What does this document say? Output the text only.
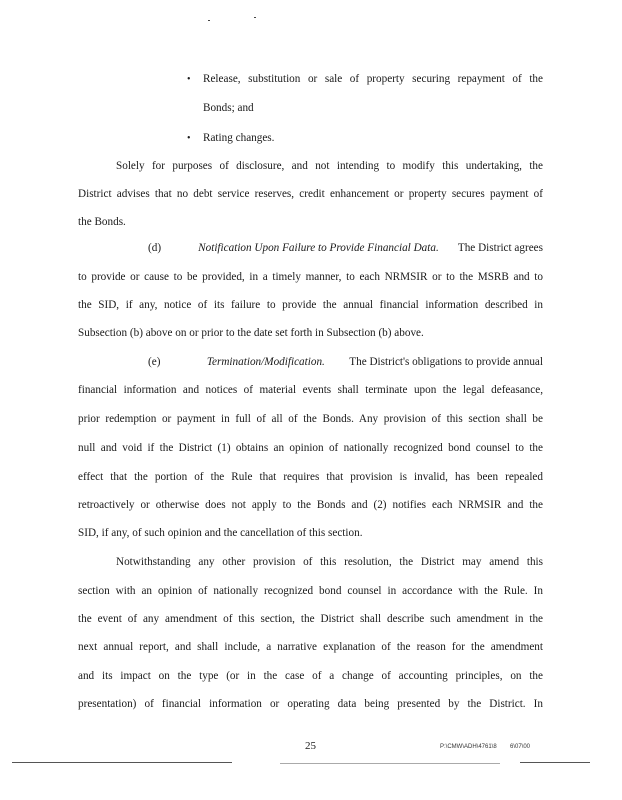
• Release, substitution or sale of property securing repayment of the
Bonds; and
• Rating changes.
Solely for purposes of disclosure, and not intending to modify this undertaking, the
District advises that no debt service reserves, credit enhancement or property secures payment of
the Bonds.
(d)	Notification Upon Failure to Provide Financial Data. The District agrees
to provide or cause to be provided, in a timely manner, to each NRMSIR or to the MSRB and to
the SID, if any, notice of its failure to provide the annual financial information described in
Subsection (b) above on or prior to the date set forth in Subsection (b) above.
(e)	Termination/Modification. The District's obligations to provide annual
financial information and notices of material events shall terminate upon the legal defeasance,
prior redemption or payment in full of all of the Bonds. Any provision of this section shall be
null and void if the District (1) obtains an opinion of nationally recognized bond counsel to the
effect that the portion of the Rule that requires that provision is invalid, has been repealed
retroactively or otherwise does not apply to the Bonds and (2) notifies each NRMSIR and the
SID, if any, of such opinion and the cancellation of this section.
Notwithstanding any other provision of this resolution, the District may amend this
section with an opinion of nationally recognized bond counsel in accordance with the Rule. In
the event of any amendment of this section, the District shall describe such amendment in the
next annual report, and shall include, a narrative explanation of the reason for the amendment
and its impact on the type (or in the case of a change of accounting principles, on the
presentation) of financial information or operating data being presented by the District. In
25	P:\CMW\ADH\4761\8 6\07\00
